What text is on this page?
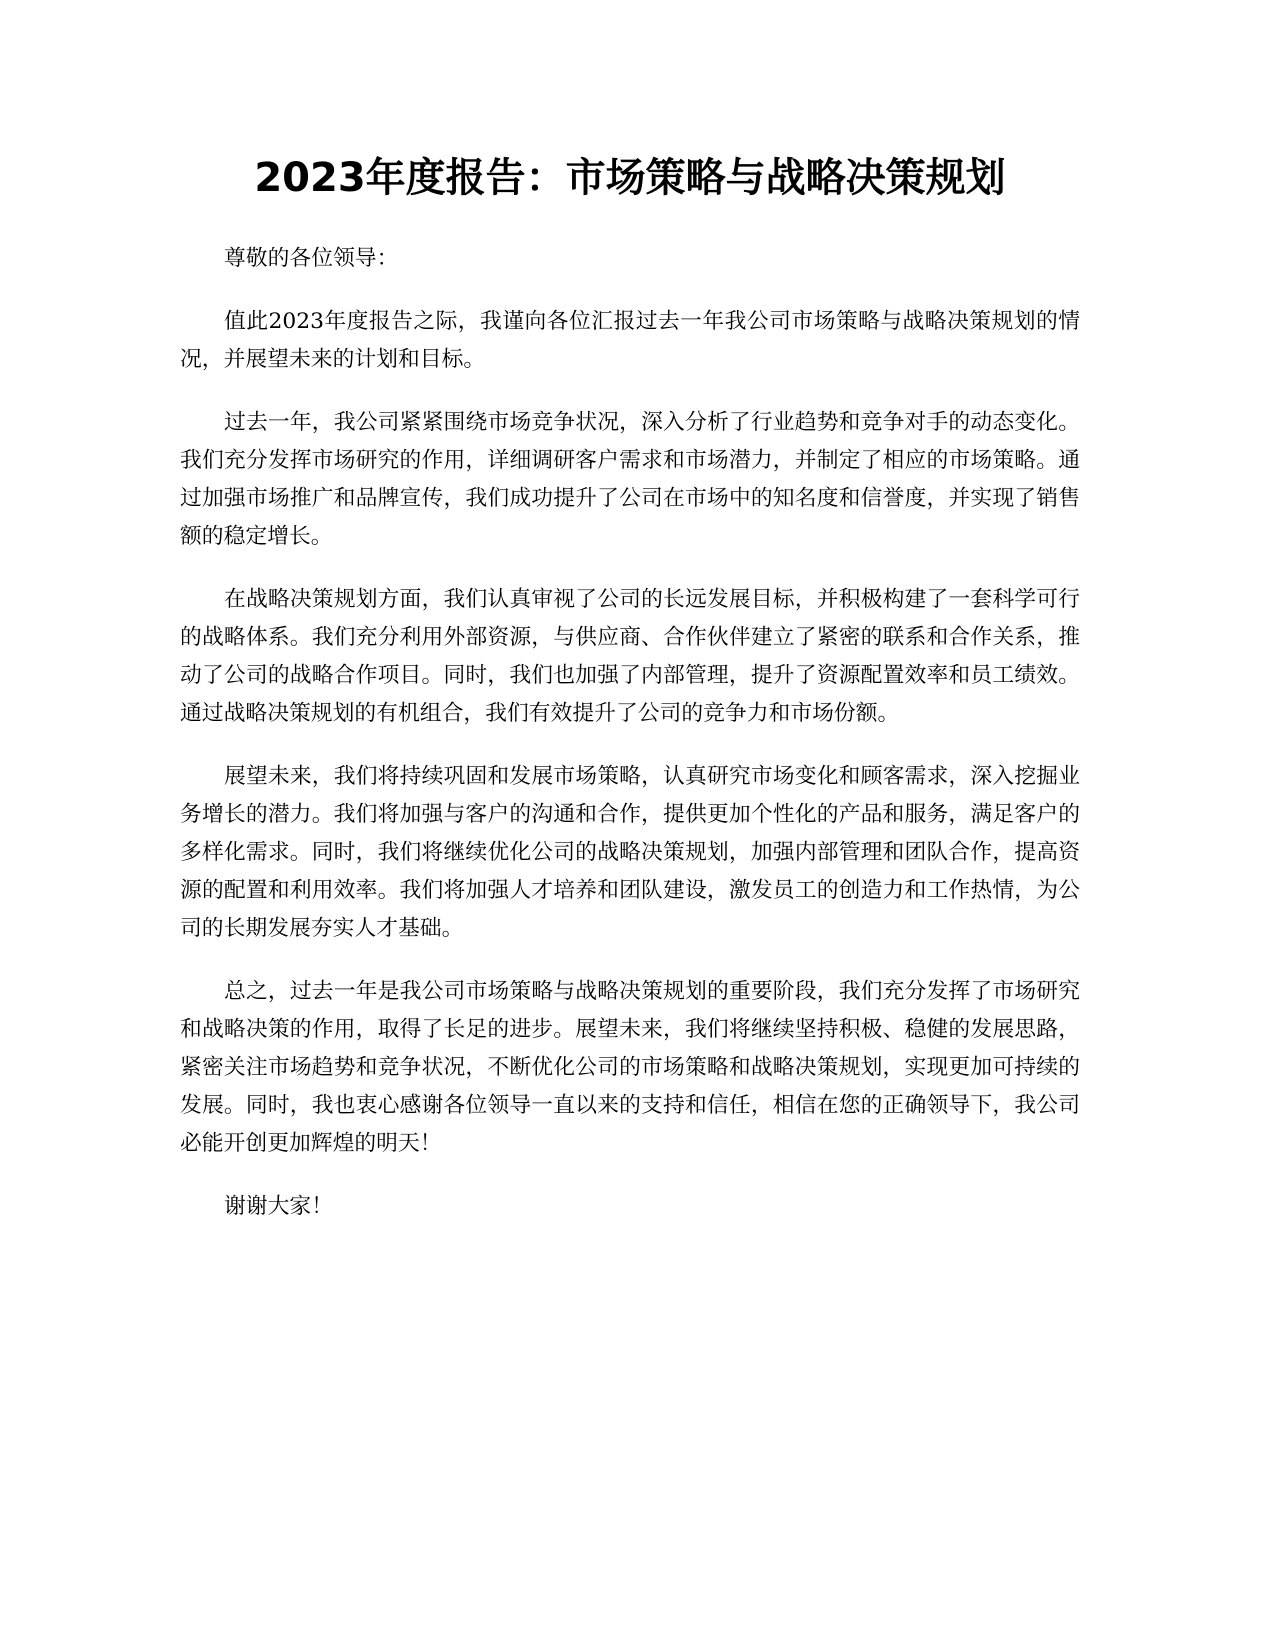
2023年度报告：市场策略与战略决策规划

尊敬的各位领导：

值此2023年度报告之际，我谨向各位汇报过去一年我公司市场策略与战略决策规划的情况，并展望未来的计划和目标。

过去一年，我公司紧紧围绕市场竞争状况，深入分析了行业趋势和竞争对手的动态变化。我们充分发挥市场研究的作用，详细调研客户需求和市场潜力，并制定了相应的市场策略。通过加强市场推广和品牌宣传，我们成功提升了公司在市场中的知名度和信誉度，并实现了销售额的稳定增长。

在战略决策规划方面，我们认真审视了公司的长远发展目标，并积极构建了一套科学可行的战略体系。我们充分利用外部资源，与供应商、合作伙伴建立了紧密的联系和合作关系，推动了公司的战略合作项目。同时，我们也加强了内部管理，提升了资源配置效率和员工绩效。通过战略决策规划的有机组合，我们有效提升了公司的竞争力和市场份额。

展望未来，我们将持续巩固和发展市场策略，认真研究市场变化和顾客需求，深入挖掘业务增长的潜力。我们将加强与客户的沟通和合作，提供更加个性化的产品和服务，满足客户的多样化需求。同时，我们将继续优化公司的战略决策规划，加强内部管理和团队合作，提高资源的配置和利用效率。我们将加强人才培养和团队建设，激发员工的创造力和工作热情，为公司的长期发展夯实人才基础。

总之，过去一年是我公司市场策略与战略决策规划的重要阶段，我们充分发挥了市场研究和战略决策的作用，取得了长足的进步。展望未来，我们将继续坚持积极、稳健的发展思路，紧密关注市场趋势和竞争状况，不断优化公司的市场策略和战略决策规划，实现更加可持续的发展。同时，我也衷心感谢各位领导一直以来的支持和信任，相信在您的正确领导下，我公司必能开创更加辉煌的明天！

谢谢大家！
